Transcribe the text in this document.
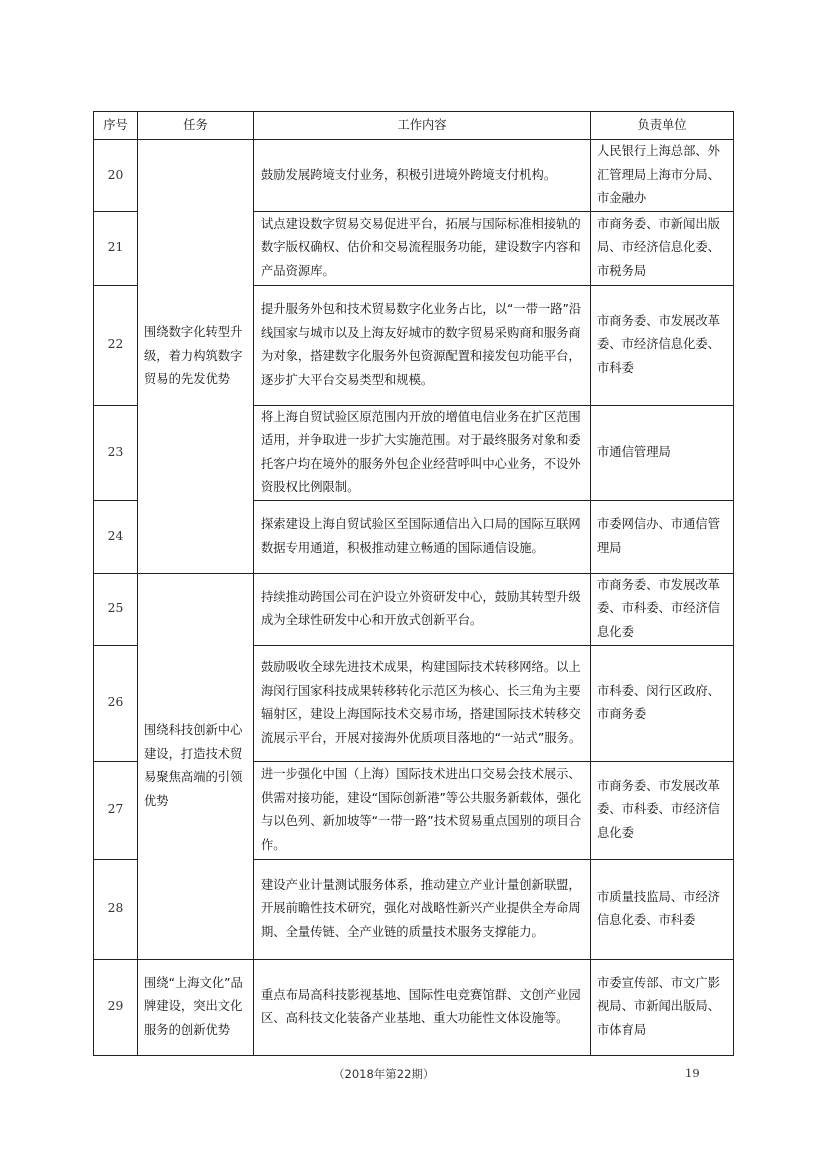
序号	任务	工作内容	负责单位
20	围绕数字化转型升级，着力构筑数字贸易的先发优势	鼓励发展跨境支付业务，积极引进境外跨境支付机构。	人民银行上海总部、外汇管理局上海市分局、市金融办
21		试点建设数字贸易交易促进平台，拓展与国际标准相接轨的数字版权确权、估价和交易流程服务功能，建设数字内容和产品资源库。	市商务委、市新闻出版局、市经济信息化委、市税务局
22		提升服务外包和技术贸易数字化业务占比，以“一带一路”沿线国家与城市以及上海友好城市的数字贸易采购商和服务商为对象，搭建数字化服务外包资源配置和接发包功能平台，逐步扩大平台交易类型和规模。	市商务委、市发展改革委、市经济信息化委、市科委
23		将上海自贸试验区原范围内开放的增值电信业务在扩区范围适用，并争取进一步扩大实施范围。对于最终服务对象和委托客户均在境外的服务外包企业经营呼叫中心业务，不设外资股权比例限制。	市通信管理局
24		探索建设上海自贸试验区至国际通信出入口局的国际互联网数据专用通道，积极推动建立畅通的国际通信设施。	市委网信办、市通信管理局
25	围绕科技创新中心建设，打造技术贸易聚焦高端的引领优势	持续推动跨国公司在沪设立外资研发中心，鼓励其转型升级成为全球性研发中心和开放式创新平台。	市商务委、市发展改革委、市科委、市经济信息化委
26		鼓励吸收全球先进技术成果，构建国际技术转移网络。以上海闵行国家科技成果转移转化示范区为核心、长三角为主要辐射区，建设上海国际技术交易市场，搭建国际技术转移交流展示平台，开展对接海外优质项目落地的“一站式”服务。	市科委、闵行区政府、市商务委
27		进一步强化中国（上海）国际技术进出口交易会技术展示、供需对接功能，建设“国际创新港”等公共服务新载体，强化与以色列、新加坡等“一带一路”技术贸易重点国别的项目合作。	市商务委、市发展改革委、市科委、市经济信息化委
28		建设产业计量测试服务体系，推动建立产业计量创新联盟，开展前瞻性技术研究，强化对战略性新兴产业提供全寿命周期、全量传链、全产业链的质量技术服务支撑能力。	市质量技监局、市经济信息化委、市科委
29	围绕“上海文化”品牌建设，突出文化服务的创新优势	重点布局高科技影视基地、国际性电竞赛馆群、文创产业园区、高科技文化装备产业基地、重大功能性文体设施等。	市委宣传部、市文广影视局、市新闻出版局、市体育局
（2018年第22期）	19
